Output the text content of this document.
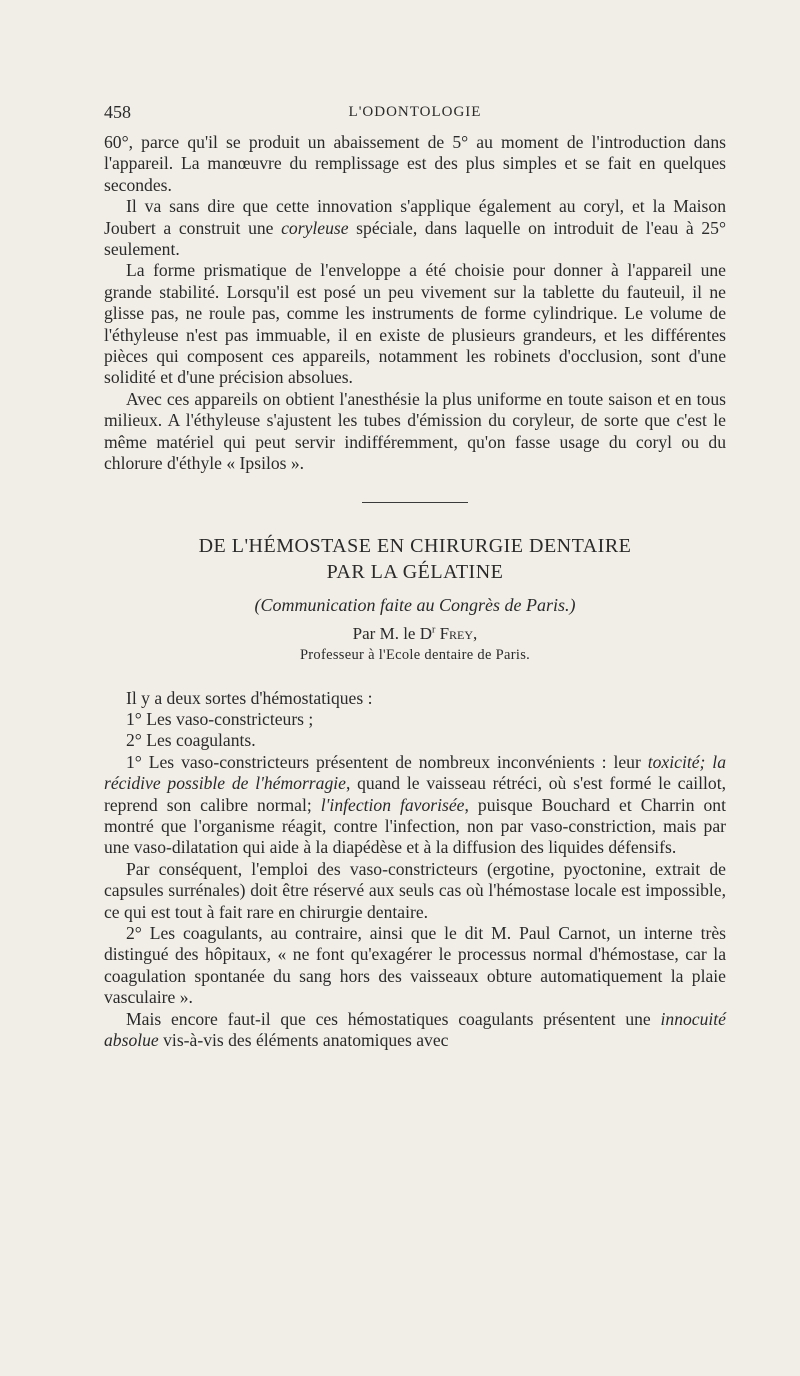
458	L'ODONTOLOGIE

60°, parce qu'il se produit un abaissement de 5° au moment de l'introduction dans l'appareil. La manœuvre du remplissage est des plus simples et se fait en quelques secondes.

Il va sans dire que cette innovation s'applique également au coryl, et la Maison Joubert a construit une coryleuse spéciale, dans laquelle on introduit de l'eau à 25° seulement.

La forme prismatique de l'enveloppe a été choisie pour donner à l'appareil une grande stabilité. Lorsqu'il est posé un peu vivement sur la tablette du fauteuil, il ne glisse pas, ne roule pas, comme les instruments de forme cylindrique. Le volume de l'éthyleuse n'est pas immuable, il en existe de plusieurs grandeurs, et les différentes pièces qui composent ces appareils, notamment les robinets d'occlusion, sont d'une solidité et d'une précision absolues.

Avec ces appareils on obtient l'anesthésie la plus uniforme en toute saison et en tous milieux. A l'éthyleuse s'ajustent les tubes d'émission du coryleur, de sorte que c'est le même matériel qui peut servir indifféremment, qu'on fasse usage du coryl ou du chlorure d'éthyle « Ipsilos ».

DE L'HÉMOSTASE EN CHIRURGIE DENTAIRE
PAR LA GÉLATINE
(Communication faite au Congrès de Paris.)
Par M. le $D^r$ Frey,
Professeur à l'Ecole dentaire de Paris.

Il y a deux sortes d'hémostatiques :

1° Les vaso-constricteurs ;

2° Les coagulants.

1° Les vaso-constricteurs présentent de nombreux inconvénients : leur toxicité; la récidive possible de l'hémorragie, quand le vaisseau rétréci, où s'est formé le caillot, reprend son calibre normal; l'infection favorisée, puisque Bouchard et Charrin ont montré que l'organisme réagit, contre l'infection, non par vaso-constriction, mais par une vaso-dilatation qui aide à la diapédèse et à la diffusion des liquides défensifs.

Par conséquent, l'emploi des vaso-constricteurs (ergotine, pyoctonine, extrait de capsules surrénales) doit être réservé aux seuls cas où l'hémostase locale est impossible, ce qui est tout à fait rare en chirurgie dentaire.

2° Les coagulants, au contraire, ainsi que le dit M. Paul Carnot, un interne très distingué des hôpitaux, « ne font qu'exagérer le processus normal d'hémostase, car la coagulation spontanée du sang hors des vaisseaux obture automatiquement la plaie vasculaire ».

Mais encore faut-il que ces hémostatiques coagulants présentent une innocuité absolue vis-à-vis des éléments anatomiques avec
